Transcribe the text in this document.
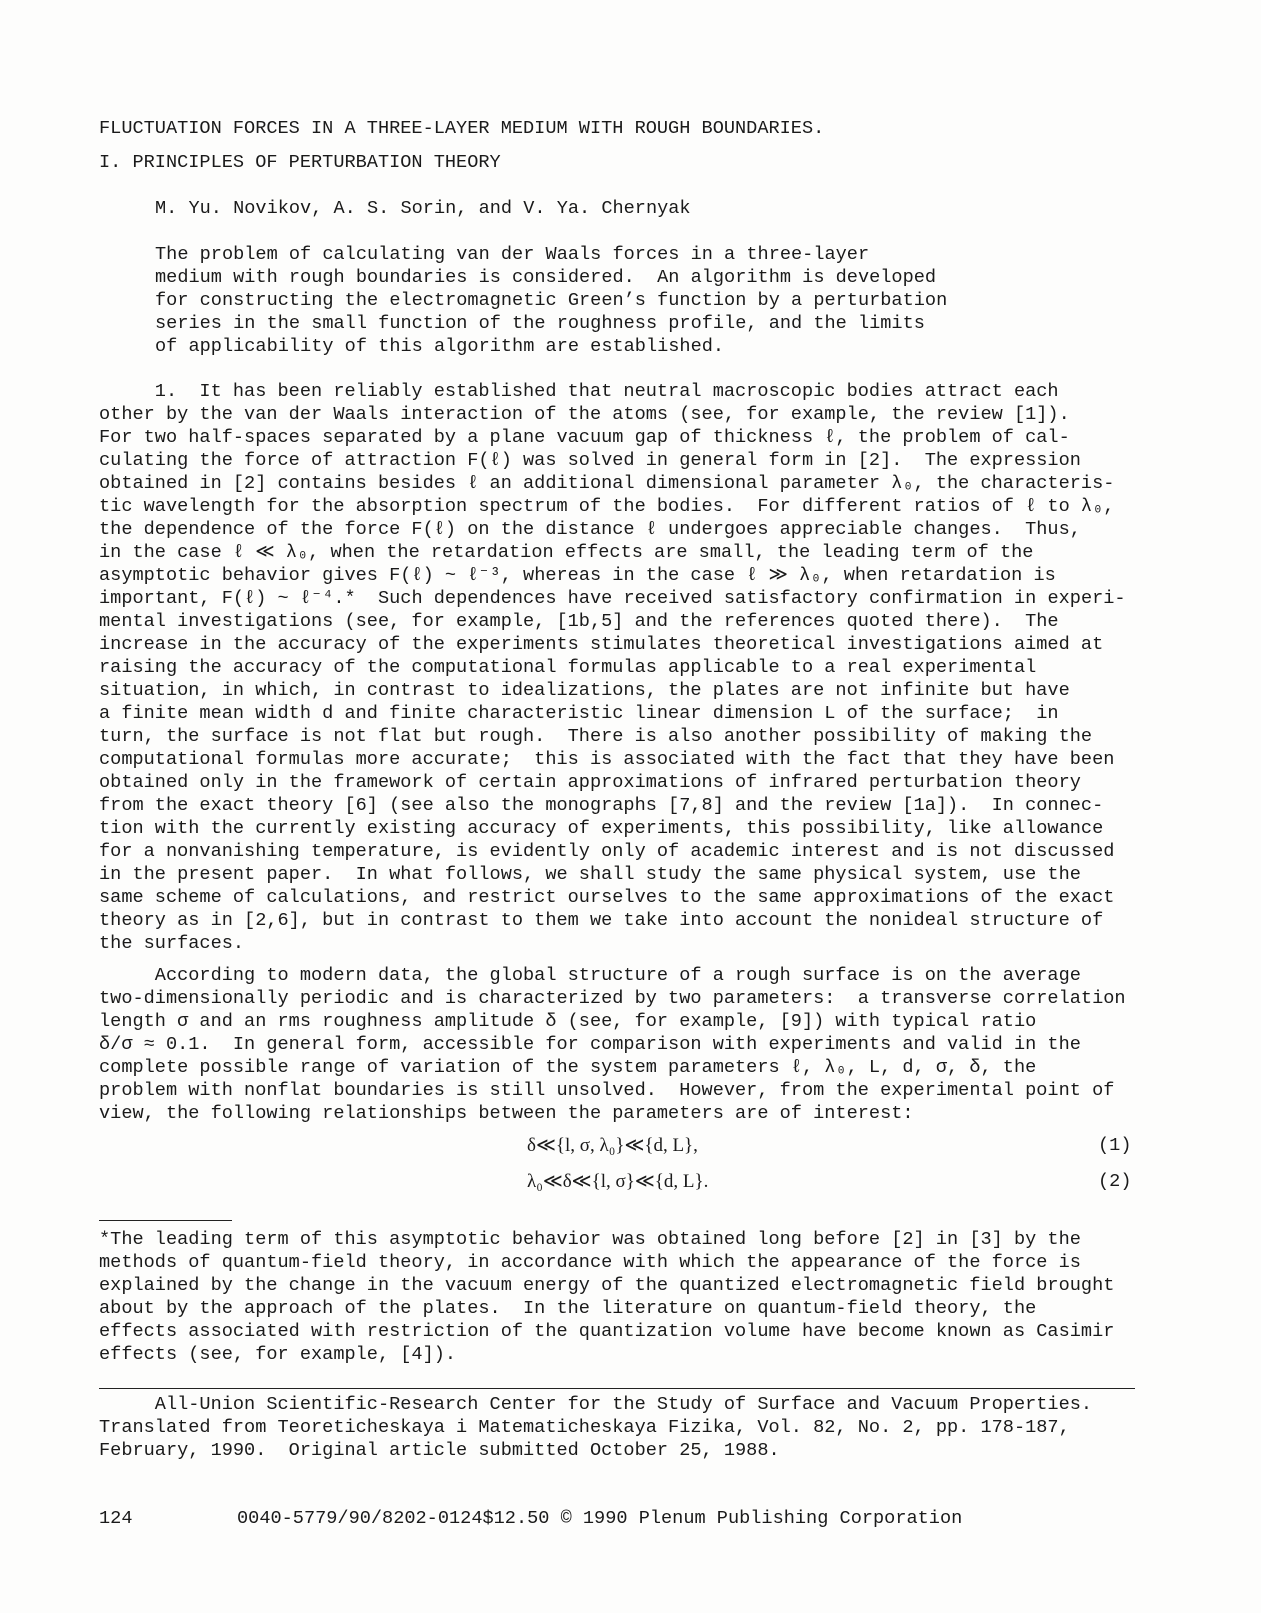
FLUCTUATION FORCES IN A THREE-LAYER MEDIUM WITH ROUGH BOUNDARIES.
I. PRINCIPLES OF PERTURBATION THEORY
M. Yu. Novikov, A. S. Sorin, and V. Ya. Chernyak
The problem of calculating van der Waals forces in a three-layer
medium with rough boundaries is considered.  An algorithm is developed
for constructing the electromagnetic Green’s function by a perturbation
series in the small function of the roughness profile, and the limits
of applicability of this algorithm are established.
1.  It has been reliably established that neutral macroscopic bodies attract each
other by the van der Waals interaction of the atoms (see, for example, the review [1]).
For two half-spaces separated by a plane vacuum gap of thickness ℓ, the problem of cal-
culating the force of attraction F(ℓ) was solved in general form in [2].  The expression
obtained in [2] contains besides ℓ an additional dimensional parameter λ₀, the characteris-
tic wavelength for the absorption spectrum of the bodies.  For different ratios of ℓ to λ₀,
the dependence of the force F(ℓ) on the distance ℓ undergoes appreciable changes.  Thus,
in the case ℓ ≪ λ₀, when the retardation effects are small, the leading term of the
asymptotic behavior gives F(ℓ) ~ ℓ⁻³, whereas in the case ℓ ≫ λ₀, when retardation is
important, F(ℓ) ~ ℓ⁻⁴.*  Such dependences have received satisfactory confirmation in experi-
mental investigations (see, for example, [1b,5] and the references quoted there).  The
increase in the accuracy of the experiments stimulates theoretical investigations aimed at
raising the accuracy of the computational formulas applicable to a real experimental
situation, in which, in contrast to idealizations, the plates are not infinite but have
a finite mean width d and finite characteristic linear dimension L of the surface;  in
turn, the surface is not flat but rough.  There is also another possibility of making the
computational formulas more accurate;  this is associated with the fact that they have been
obtained only in the framework of certain approximations of infrared perturbation theory
from the exact theory [6] (see also the monographs [7,8] and the review [1a]).  In connec-
tion with the currently existing accuracy of experiments, this possibility, like allowance
for a nonvanishing temperature, is evidently only of academic interest and is not discussed
in the present paper.  In what follows, we shall study the same physical system, use the
same scheme of calculations, and restrict ourselves to the same approximations of the exact
theory as in [2,6], but in contrast to them we take into account the nonideal structure of
the surfaces.
According to modern data, the global structure of a rough surface is on the average
two-dimensionally periodic and is characterized by two parameters:  a transverse correlation
length σ and an rms roughness amplitude δ (see, for example, [9]) with typical ratio
δ/σ ≈ 0.1.  In general form, accessible for comparison with experiments and valid in the
complete possible range of variation of the system parameters ℓ, λ₀, L, d, σ, δ, the
problem with nonflat boundaries is still unsolved.  However, from the experimental point of
view, the following relationships between the parameters are of interest:
δ≪{l, σ, λ₀}≪{d, L},	(1)
λ₀≪δ≪{l, σ}≪{d, L}.	(2)
*The leading term of this asymptotic behavior was obtained long before [2] in [3] by the
methods of quantum-field theory, in accordance with which the appearance of the force is
explained by the change in the vacuum energy of the quantized electromagnetic field brought
about by the approach of the plates.  In the literature on quantum-field theory, the
effects associated with restriction of the quantization volume have become known as Casimir
effects (see, for example, [4]).
All-Union Scientific-Research Center for the Study of Surface and Vacuum Properties.
Translated from Teoreticheskaya i Matematicheskaya Fizika, Vol. 82, No. 2, pp. 178-187,
February, 1990.  Original article submitted October 25, 1988.
124	0040-5779/90/8202-0124$12.50 © 1990 Plenum Publishing Corporation
